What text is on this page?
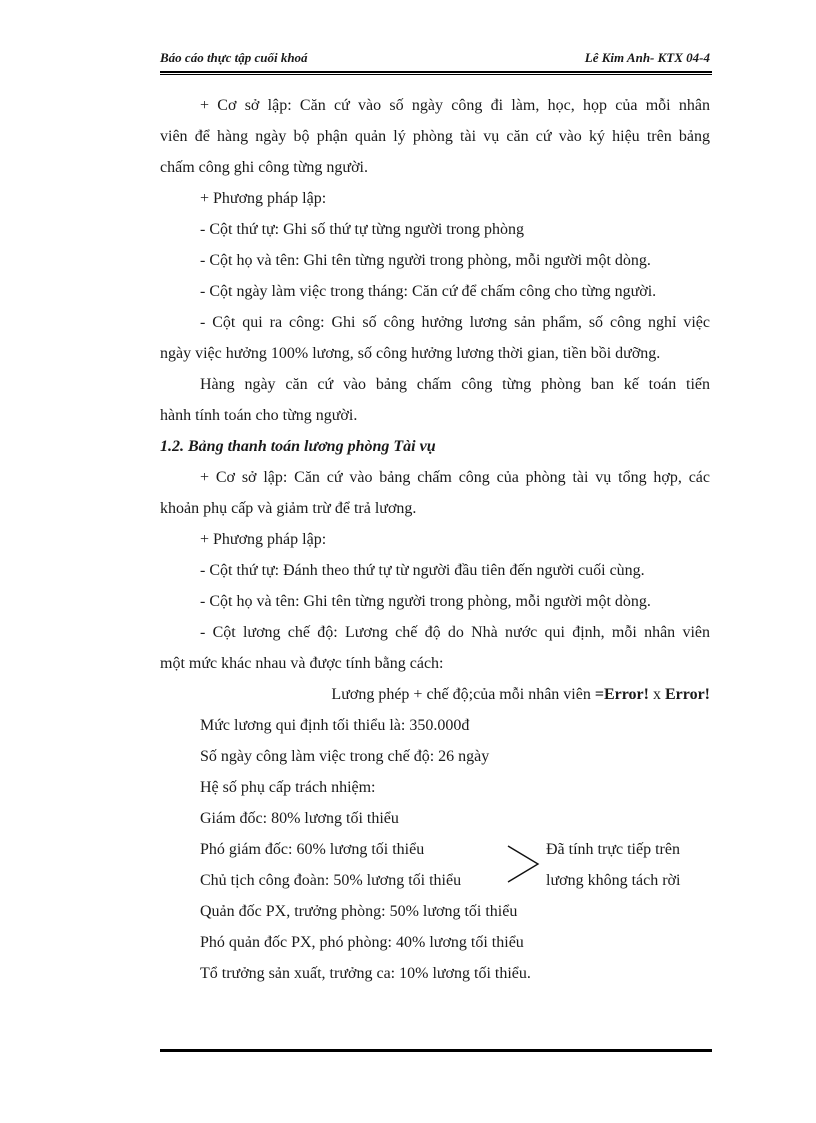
Báo cáo thực tập cuối khoá	Lê Kim Anh- KTX 04-4
+ Cơ sở lập: Căn cứ vào số ngày công đi làm, học, họp của mỗi nhân
viên để hàng ngày bộ phận quản lý phòng tài vụ căn cứ vào ký hiệu trên bảng
chấm công ghi công từng người.
+ Phương pháp lập:
- Cột thứ tự: Ghi số thứ tự từng người trong phòng
- Cột họ và tên: Ghi tên từng người trong phòng, mỗi người một dòng.
- Cột ngày làm việc trong tháng: Căn cứ để chấm công cho từng người.
- Cột qui ra công: Ghi số công hưởng lương sản phẩm, số công nghỉ việc
ngày việc hưởng 100% lương, số công hưởng lương thời gian, tiền bồi dưỡng.
Hàng ngày căn cứ vào bảng chấm công từng phòng ban kế toán tiến
hành tính toán cho từng người.
1.2. Bảng thanh toán lương phòng Tài vụ
+ Cơ sở lập: Căn cứ vào bảng chấm công của phòng tài vụ tổng hợp, các
khoản phụ cấp và giảm trừ để trả lương.
+ Phương pháp lập:
- Cột thứ tự: Đánh theo thứ tự từ người đầu tiên đến người cuối cùng.
- Cột họ và tên: Ghi tên từng người trong phòng, mỗi người một dòng.
- Cột lương chế độ: Lương chế độ do Nhà nước qui định, mỗi nhân viên
một mức khác nhau và được tính bằng cách:
Lương phép + chế độ;của mỗi nhân viên =Error! x Error!
Mức lương qui định tối thiểu là: 350.000đ
Số ngày công làm việc trong chế độ: 26 ngày
Hệ số phụ cấp trách nhiệm:
Giám đốc: 80% lương tối thiểu
Phó giám đốc: 60% lương tối thiểu	Đã tính trực tiếp trên
Chủ tịch công đoàn: 50% lương tối thiểu	lương không tách rời
Quản đốc PX, trưởng phòng: 50% lương tối thiểu
Phó quản đốc PX, phó phòng: 40% lương tối thiểu
Tổ trưởng sản xuất, trưởng ca: 10% lương tối thiểu.
